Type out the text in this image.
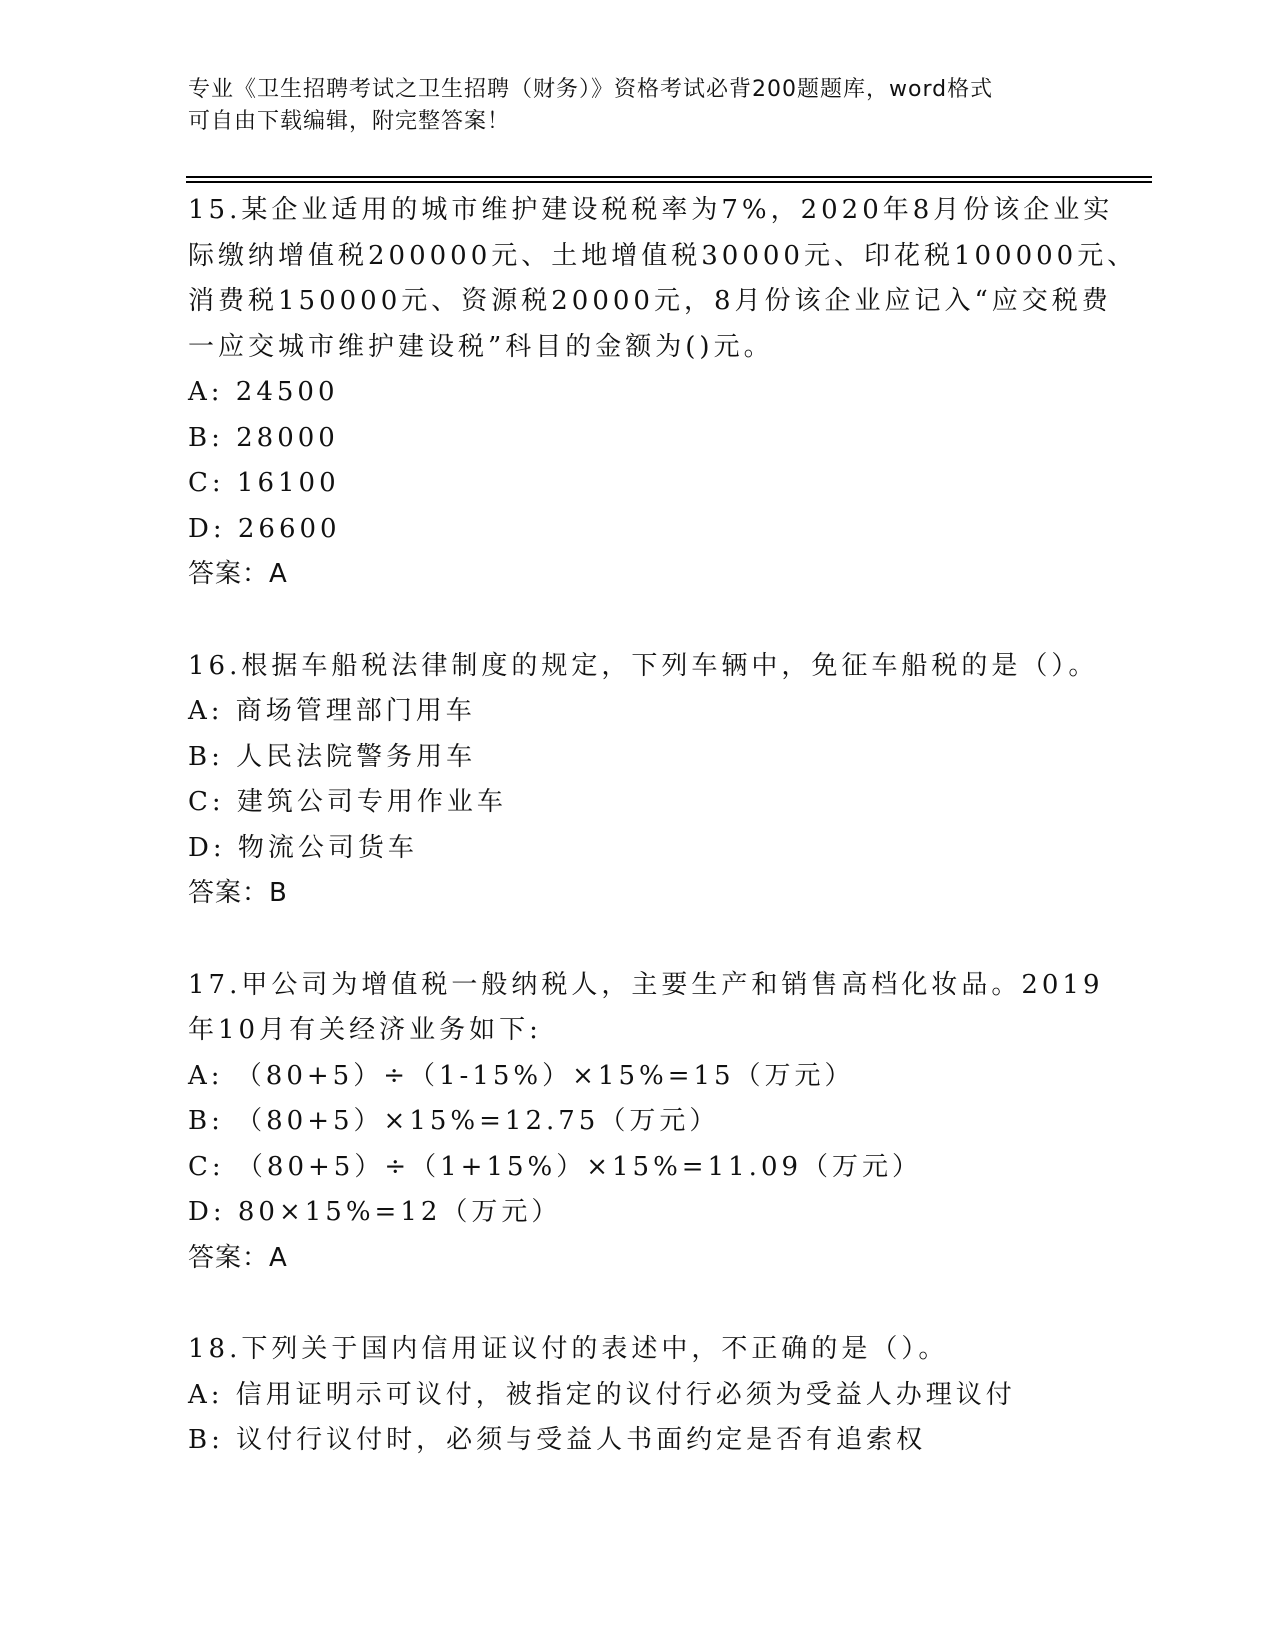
专业《卫生招聘考试之卫生招聘（财务）》资格考试必背200题题库，word格式
可自由下载编辑，附完整答案！
15.某企业适用的城市维护建设税税率为7%，2020年8月份该企业实
际缴纳增值税200000元、土地增值税30000元、印花税100000元、
消费税150000元、资源税20000元，8月份该企业应记入“应交税费
一应交城市维护建设税”科目的金额为()元。
A: 24500
B: 28000
C: 16100
D: 26600
答案：A
16.根据车船税法律制度的规定，下列车辆中，免征车船税的是（）。
A: 商场管理部门用车
B: 人民法院警务用车
C: 建筑公司专用作业车
D: 物流公司货车
答案：B
17.甲公司为增值税一般纳税人，主要生产和销售高档化妆品。2019
年10月有关经济业务如下:
A: （80+5）÷（1-15%）×15%=15（万元）
B: （80+5）×15%=12.75（万元）
C: （80+5）÷（1+15%）×15%=11.09（万元）
D: 80×15%=12（万元）
答案：A
18.下列关于国内信用证议付的表述中，不正确的是（）。
A: 信用证明示可议付，被指定的议付行必须为受益人办理议付
B: 议付行议付时，必须与受益人书面约定是否有追索权
